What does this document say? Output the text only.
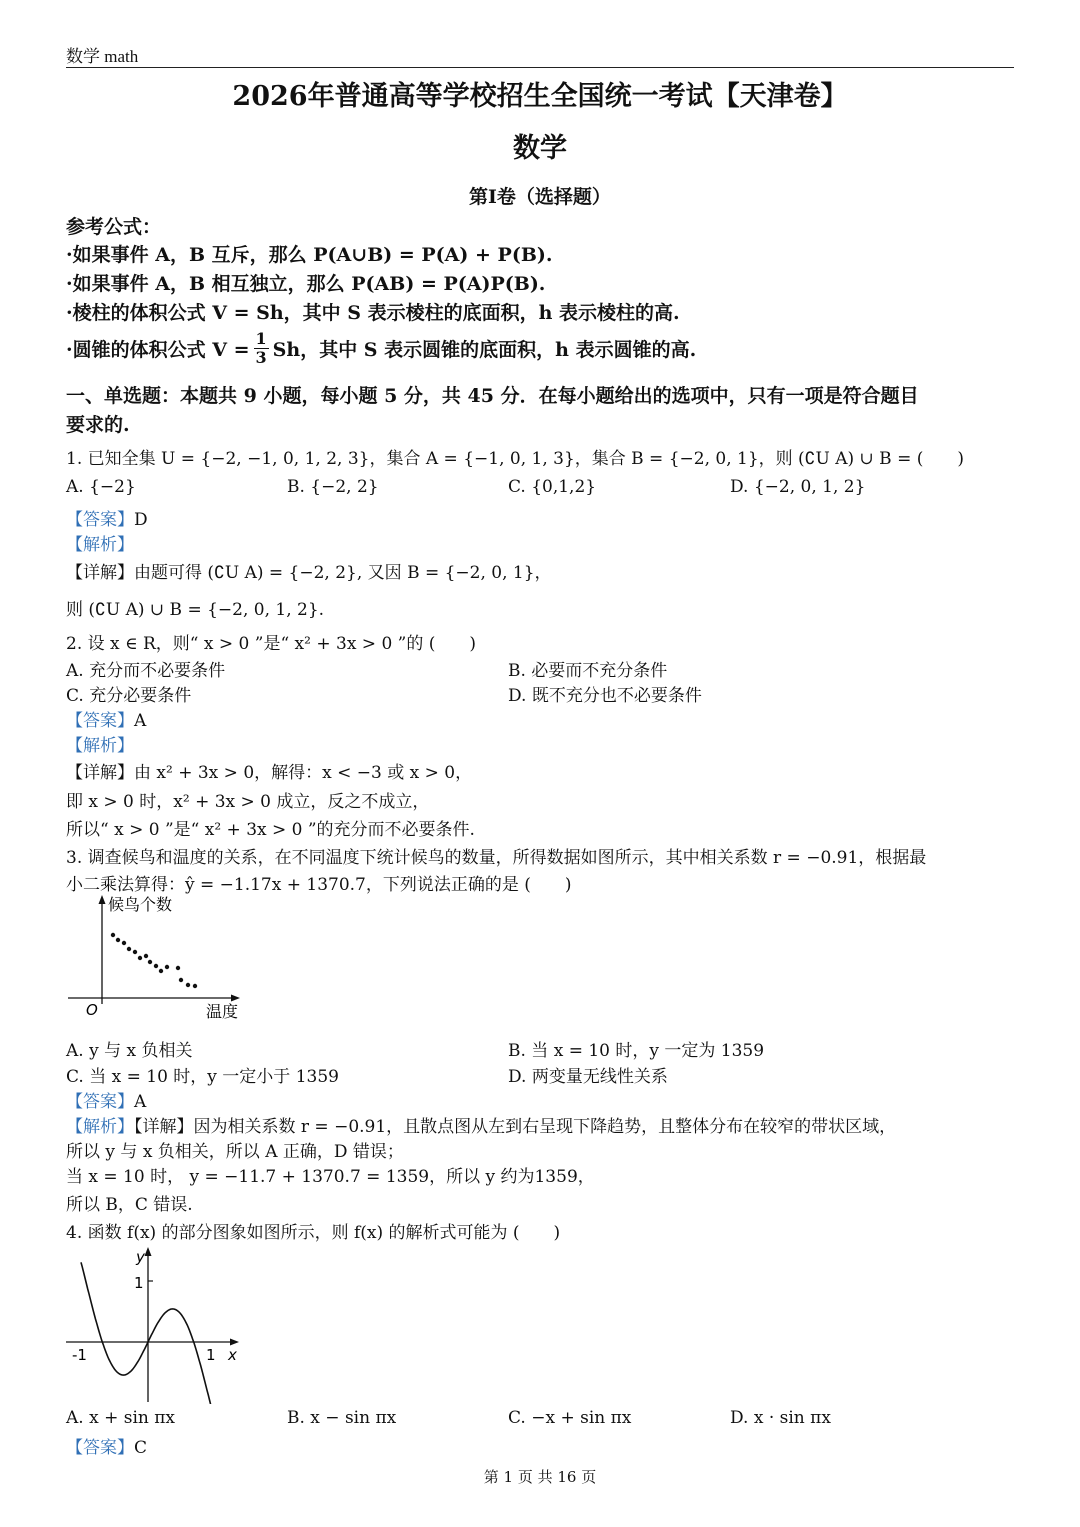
数学 math
2026年普通高等学校招生全国统一考试【天津卷】
数学
第I卷（选择题）
参考公式：
·如果事件 A，B 互斥，那么 P(A∪B) = P(A) + P(B).
·如果事件 A，B 相互独立，那么 P(AB) = P(A)P(B).
·棱柱的体积公式 V = Sh，其中 S 表示棱柱的底面积，h 表示棱柱的高.
·圆锥的体积公式 $V = \frac{1}{3}$ Sh，其中 S 表示圆锥的底面积，h 表示圆锥的高.
一、单选题：本题共 9 小题，每小题 5 分，共 45 分．在每小题给出的选项中，只有一项是符合题目
要求的.
1. 已知全集 U = {−2, −1, 0, 1, 2, 3}，集合 A = {−1, 0, 1, 3}，集合 B = {−2, 0, 1}，则 (∁U A) ∪ B = (　　)
A. {−2}	B. {−2, 2}	C. {0,1,2}	D. {−2, 0, 1, 2}
【答案】D
【解析】
【详解】由题可得 (∁U A) = {−2, 2}, 又因 B = {−2, 0, 1}，
则 (∁U A) ∪ B = {−2, 0, 1, 2}.
2. 设 x ∈ R，则“ x > 0 ”是“ x² + 3x > 0 ”的 (　　)
A. 充分而不必要条件	B. 必要而不充分条件
C. 充分必要条件	D. 既不充分也不必要条件
【答案】A
【解析】
【详解】由 x² + 3x > 0，解得：x < −3 或 x > 0，
即 x > 0 时，x² + 3x > 0 成立，反之不成立，
所以“ x > 0 ”是“ x² + 3x > 0 ”的充分而不必要条件.
3. 调查候鸟和温度的关系，在不同温度下统计候鸟的数量，所得数据如图所示，其中相关系数 r = −0.91，根据最
小二乘法算得：ŷ = −1.17x + 1370.7，下列说法正确的是 (　　)
候鸟个数
温度
O
A. y 与 x 负相关	B. 当 x = 10 时，y 一定为 1359
C. 当 x = 10 时，y 一定小于 1359	D. 两变量无线性关系
【答案】A
【解析】【详解】因为相关系数 r = −0.91，且散点图从左到右呈现下降趋势，且整体分布在较窄的带状区域，
所以 y 与 x 负相关，所以 A 正确，D 错误；
当 x = 10 时， y = −11.7 + 1370.7 = 1359，所以 y 约为1359，
所以 B，C 错误.
4. 函数 f(x) 的部分图象如图所示，则 f(x) 的解析式可能为 (　　)
y
1
-1	1 x
A. x + sin πx	B. x − sin πx	C. −x + sin πx	D. x · sin πx
【答案】C
第 1 页 共 16 页
